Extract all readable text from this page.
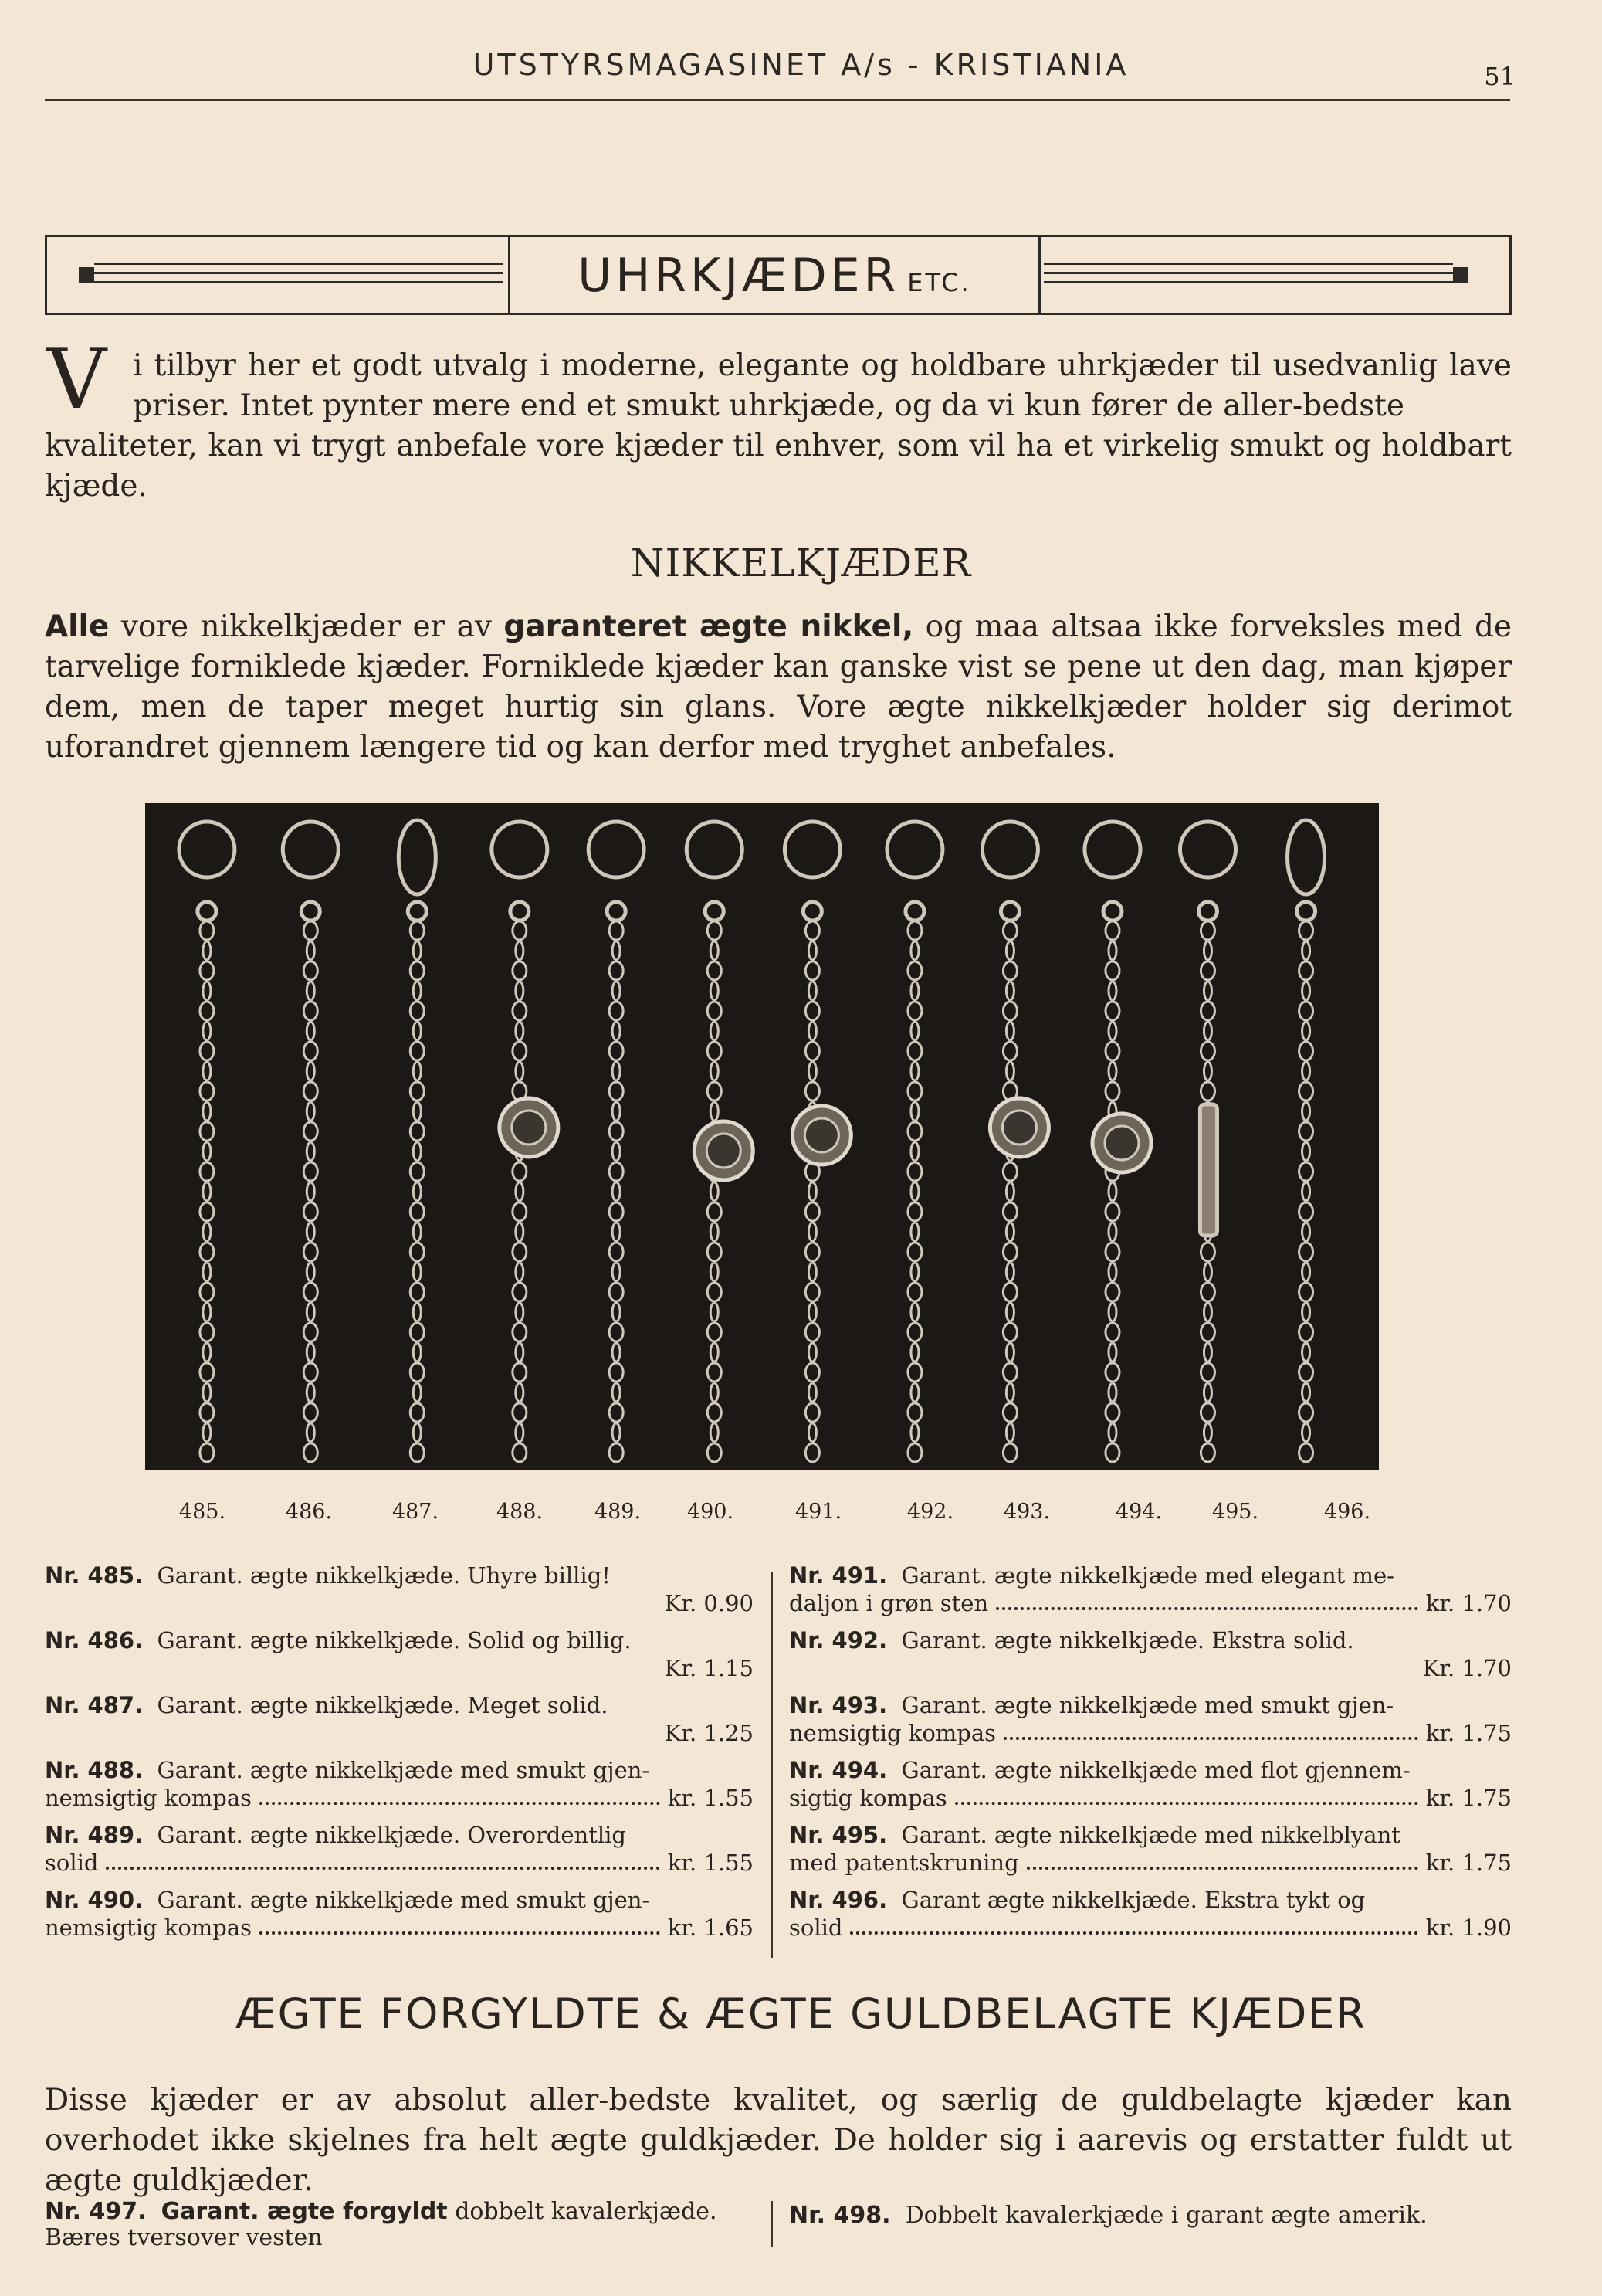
UTSTYRSMAGASINET A/s - KRISTIANIA	51
UHRKJÆDER ETC.
V i tilbyr her et godt utvalg i moderne, elegante og holdbare uhrkjæder til usedvanlig lave priser. Intet pynter mere end et smukt uhrkjæde, og da vi kun fører de aller-bedste
kvaliteter, kan vi trygt anbefale vore kjæder til enhver, som vil ha et virkelig smukt og holdbart kjæde.
NIKKELKJÆDER
Alle vore nikkelkjæder er av garanteret ægte nikkel, og maa altsaa ikke forveksles med de tarvelige forniklede kjæder. Forniklede kjæder kan ganske vist se pene ut den dag, man kjøper dem, men de taper meget hurtig sin glans. Vore ægte nikkelkjæder holder sig derimot uforandret gjennem længere tid og kan derfor med tryghet anbefales.
485.	486.	487.	488.	489.	490.	491.	492.	493.	494.	495.	496.
Nr. 485. Garant. ægte nikkelkjæde. Uhyre billig!
Kr. 0.90
Nr. 486. Garant. ægte nikkelkjæde. Solid og billig.
Kr. 1.15
Nr. 487. Garant. ægte nikkelkjæde. Meget solid.
Kr. 1.25
Nr. 488. Garant. ægte nikkelkjæde med smukt gjen-
nemsigtig kompas	kr. 1.55
Nr. 489. Garant. ægte nikkelkjæde. Overordentlig
solid	kr. 1.55
Nr. 490. Garant. ægte nikkelkjæde med smukt gjen-
nemsigtig kompas	kr. 1.65
Nr. 491. Garant. ægte nikkelkjæde med elegant me-
daljon i grøn sten	kr. 1.70
Nr. 492. Garant. ægte nikkelkjæde. Ekstra solid.
Kr. 1.70
Nr. 493. Garant. ægte nikkelkjæde med smukt gjen-
nemsigtig kompas	kr. 1.75
Nr. 494. Garant. ægte nikkelkjæde med flot gjennem-
sigtig kompas	kr. 1.75
Nr. 495. Garant. ægte nikkelkjæde med nikkelblyant
med patentskruning	kr. 1.75
Nr. 496. Garant ægte nikkelkjæde. Ekstra tykt og
solid	kr. 1.90
ÆGTE FORGYLDTE & ÆGTE GULDBELAGTE KJÆDER
Disse kjæder er av absolut aller-bedste kvalitet, og særlig de guldbelagte kjæder kan overhodet ikke skjelnes fra helt ægte guldkjæder. De holder sig i aarevis og erstatter fuldt ut ægte guldkjæder.
Nr. 497. Garant. ægte forgyldt dobbelt kavalerkjæde.
Bæres tversover vesten
Nr. 498. Dobbelt kavalerkjæde i garant ægte amerik.
